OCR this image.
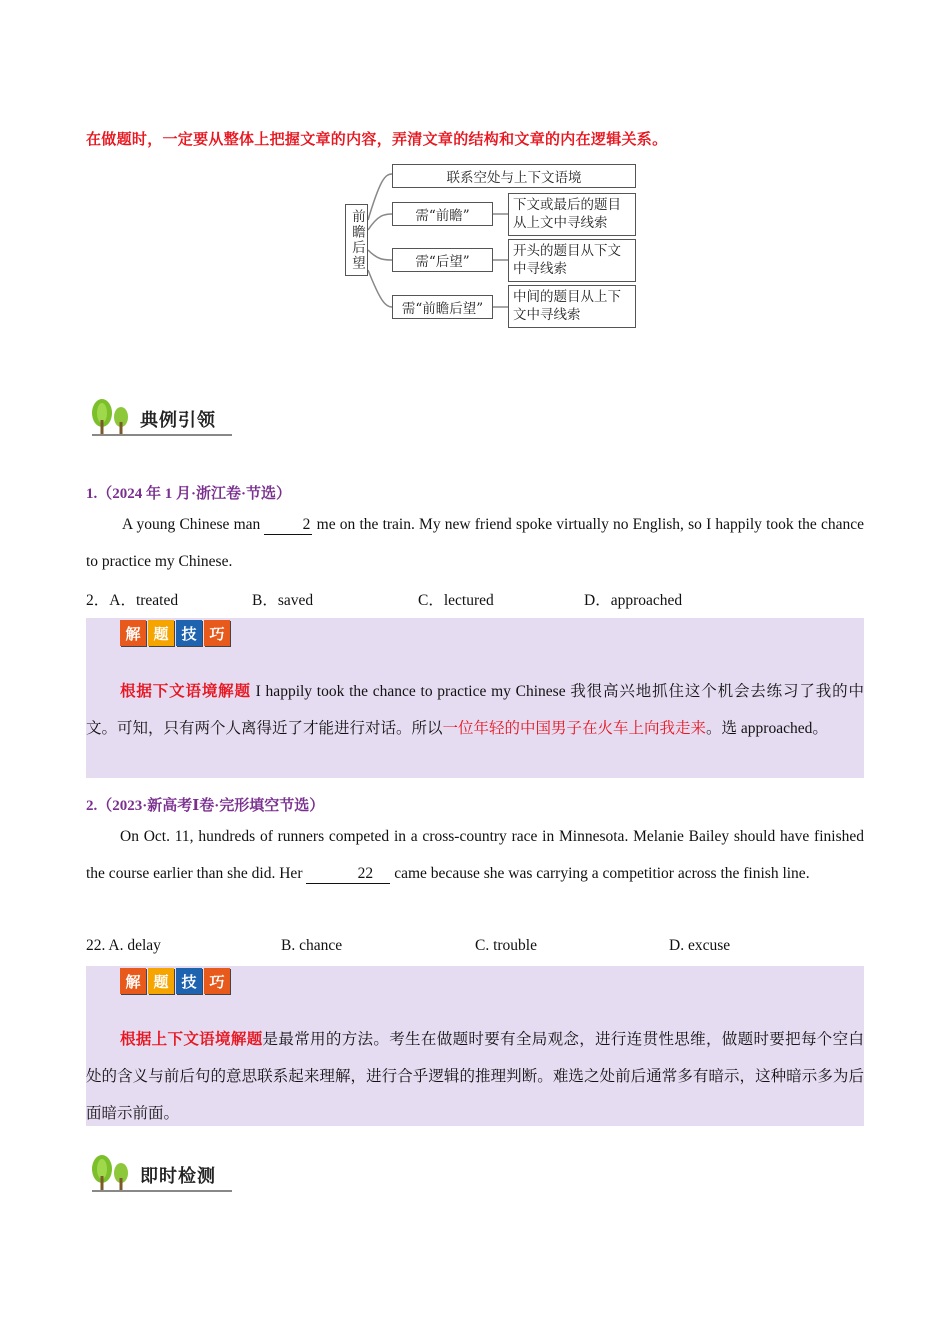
在做题时，一定要从整体上把握文章的内容，弄清文章的结构和文章的内在逻辑关系。
前瞻后望
联系空处与上下文语境
需“前瞻”
下文或最后的题目从上文中寻线索
需“后望”
开头的题目从下文中寻线索
需“前瞻后望”
中间的题目从上下文中寻线索
典例引领
1.（2024 年 1 月·浙江卷·节选）
A young Chinese man 2 me on the train. My new friend spoke virtually no English, so I happily took the chance to practice my Chinese.
2．A．treated	B．saved	C．lectured	D．approached
解 题 技 巧
根据下文语境解题 I happily took the chance to practice my Chinese 我很高兴地抓住这个机会去练习了我的中文。可知，只有两个人离得近了才能进行对话。所以一位年轻的中国男子在火车上向我走来。选 approached。
2.（2023·新高考Ⅰ卷·完形填空节选）
On Oct. 11, hundreds of runners competed in a cross-country race in Minnesota. Melanie Bailey should have finished the course earlier than she did. Her	22 came because she was carrying a competitior across the finish line.
22. A. delay	B. chance	C. trouble	D. excuse
解 题 技 巧
根据上下文语境解题是最常用的方法。考生在做题时要有全局观念，进行连贯性思维，做题时要把每个空白处的含义与前后句的意思联系起来理解，进行合乎逻辑的推理判断。难选之处前后通常多有暗示，这种暗示多为后面暗示前面。
即时检测
